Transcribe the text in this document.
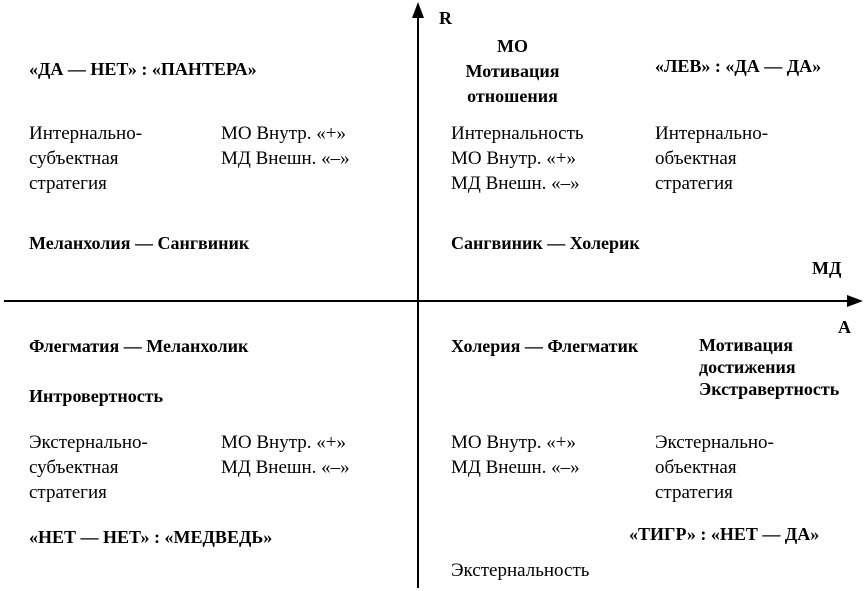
R
МД
А
«ДА — НЕТ» : «ПАНТЕРА»
Интернально-
субъектная
стратегия
МО Внутр. «+»
МД Внешн. «–»
Меланхолия — Сангвиник
МО
Мотивация
отношения
«ЛЕВ» : «ДА — ДА»
Интернальность
МО Внутр. «+»
МД Внешн. «–»
Интернально-
объектная
стратегия
Сангвиник — Холерик
Флегматия — Меланхолик
Интровертность
Экстернально-
субъектная
стратегия
МО Внутр. «+»
МД Внешн. «–»
«НЕТ — НЕТ» : «МЕДВЕДЬ»
Холерия — Флегматик	Мотивация
достижения
Экстравертность
МО Внутр. «+»
МД Внешн. «–»
Экстернально-
объектная
стратегия
«ТИГР» : «НЕТ — ДА»
Экстернальность
